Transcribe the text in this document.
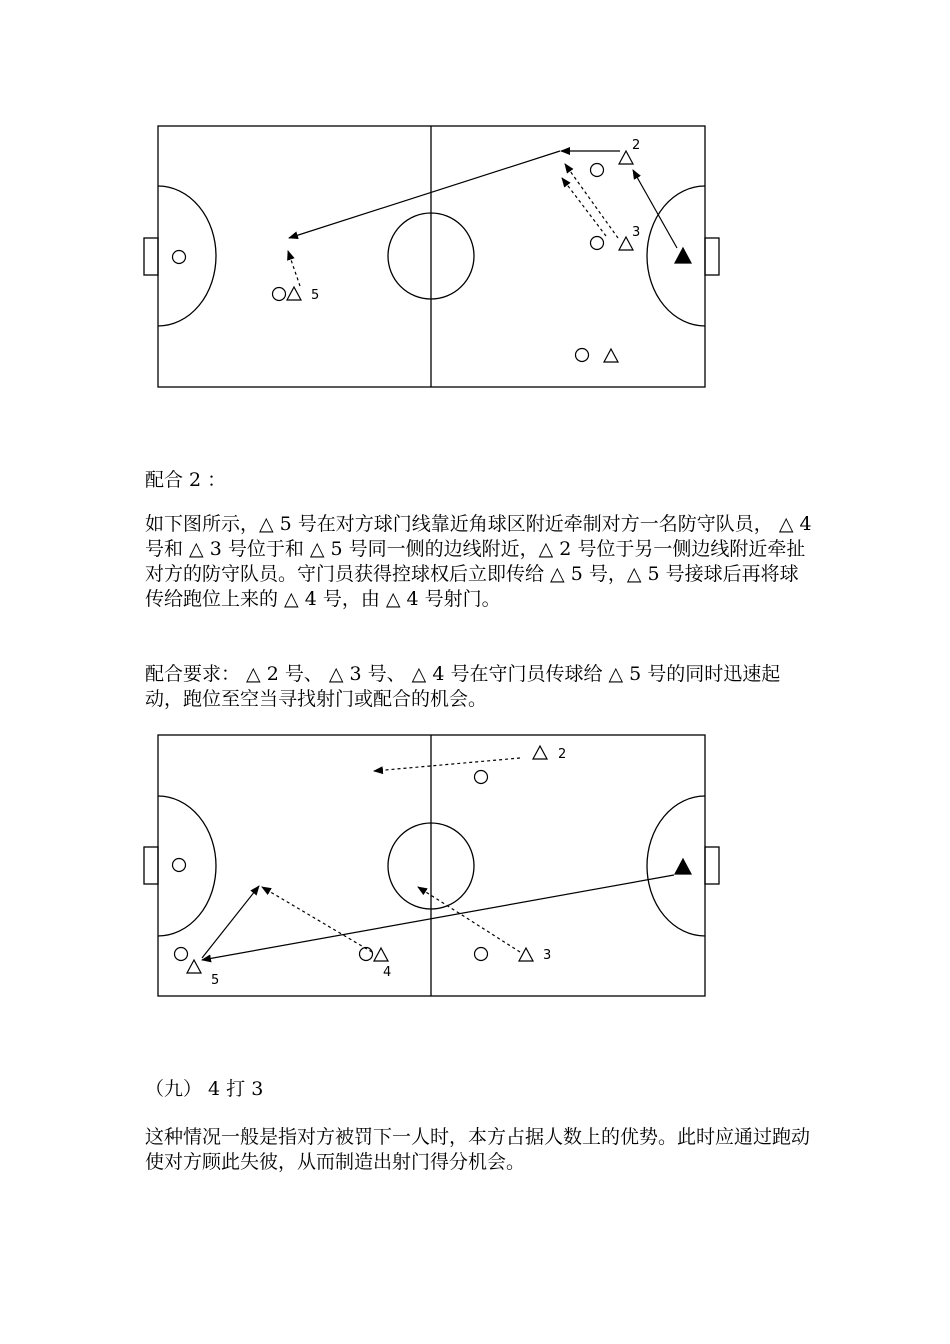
5
2
3

配合 2 ：

如下图所示，△ 5 号在对方球门线靠近角球区附近牵制对方一名防守队员， △ 4 号和 △ 3 号位于和 △ 5 号同一侧的边线附近，△ 2 号位于另一侧边线附近牵扯对方的防守队员。守门员获得控球权后立即传给 △ 5 号，△ 5 号接球后再将球传给跑位上来的 △ 4 号，由 △ 4 号射门。

配合要求： △ 2 号、 △ 3 号、 △ 4 号在守门员传球给 △ 5 号的同时迅速起动，跑位至空当寻找射门或配合的机会。

5
4
2
3

（九） 4 打 3

这种情况一般是指对方被罚下一人时，本方占据人数上的优势。此时应通过跑动使对方顾此失彼，从而制造出射门得分机会。
